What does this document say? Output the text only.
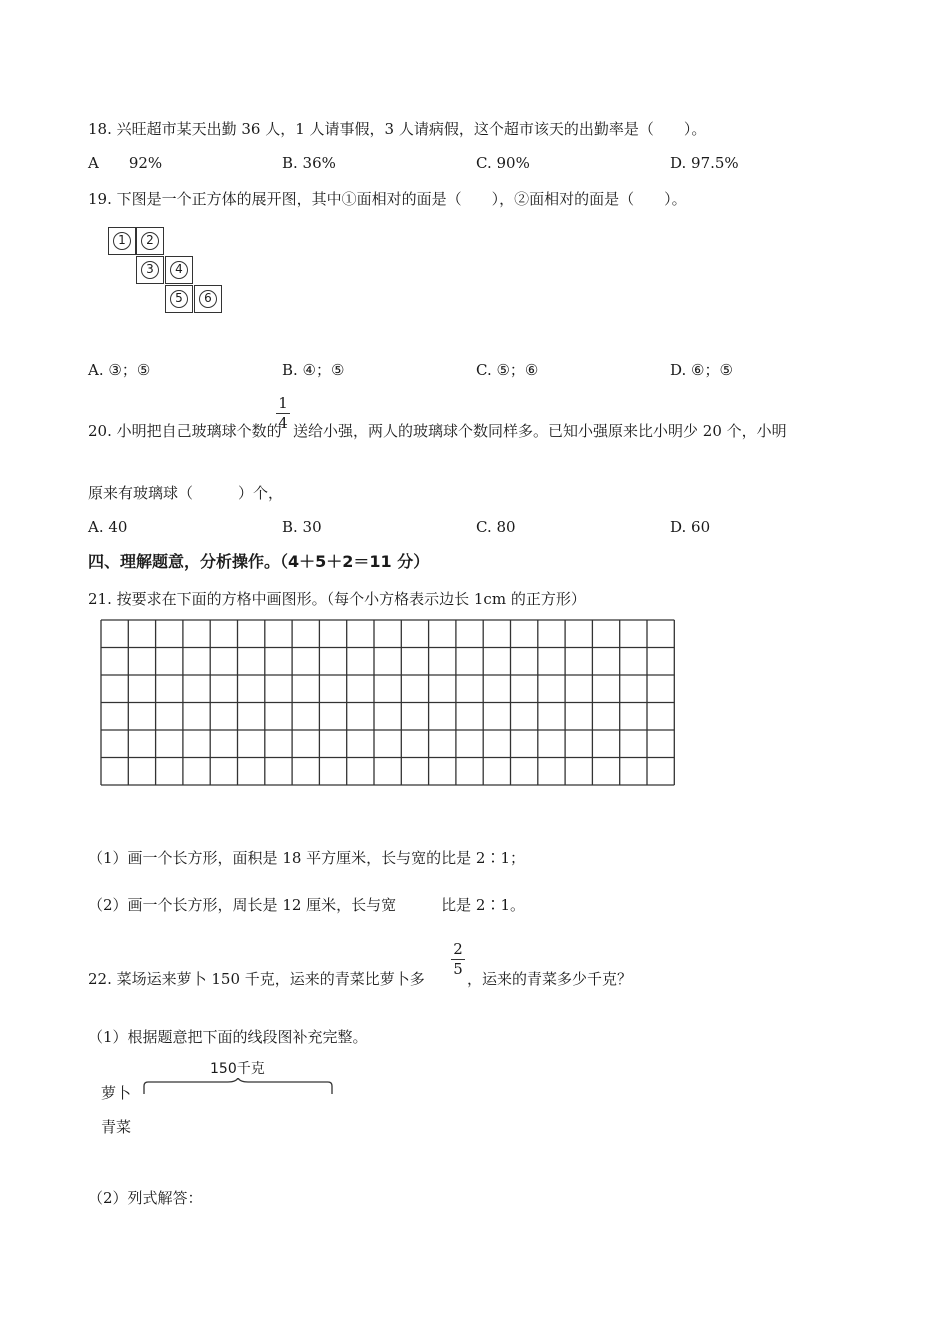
18. 兴旺超市某天出勤 36 人，1 人请事假，3 人请病假，这个超市该天的出勤率是（　　）。
A　　92%	B. 36%	C. 90%	D. 97.5%
19. 下图是一个正方体的展开图，其中①面相对的面是（　　），②面相对的面是（　　）。
1	2
3	4
5	6
A. ③；⑤	B. ④；⑤	C. ⑤；⑥	D. ⑥；⑤
20. 小明把自己玻璃球个数的
1
4 送给小强，两人的玻璃球个数同样多。已知小强原来比小明少 20 个，小明
原来有玻璃球（　　　）个，
A. 40	B. 30	C. 80	D. 60
四、理解题意，分析操作。（4＋5＋2＝11 分）
21. 按要求在下面的方格中画图形。（每个小方格表示边长 1cm 的正方形）
（1）画一个长方形，面积是 18 平方厘米，长与宽的比是 2∶1；
（2）画一个长方形，周长是 12 厘米，长与宽　　　比是 2∶1。
22. 菜场运来萝卜 150 千克，运来的青菜比萝卜多
2
5
，运来的青菜多少千克？
（1）根据题意把下面的线段图补充完整。
150千克
萝卜
青菜
（2）列式解答：
